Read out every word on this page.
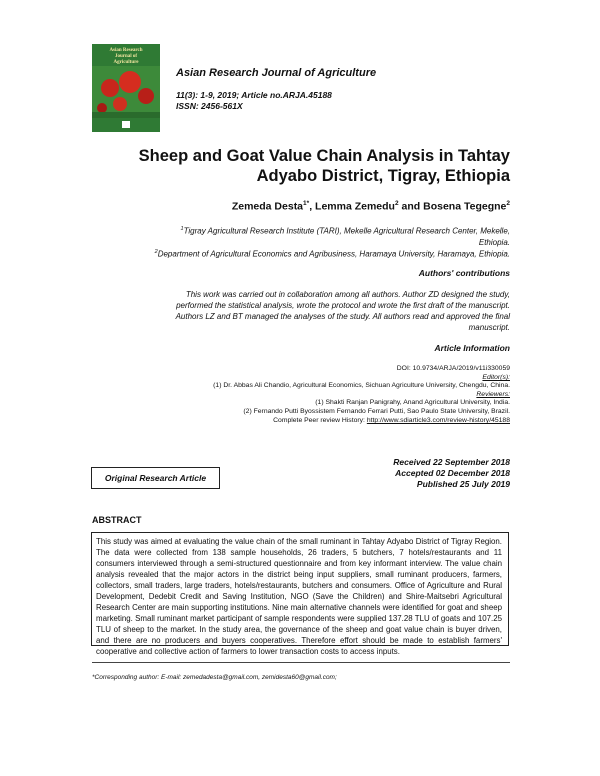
Asian Research
Journal of
Agriculture
Asian Research Journal of Agriculture
11(3): 1-9, 2019; Article no.ARJA.45188
ISSN: 2456-561X
Sheep and Goat Value Chain Analysis in Tahtay
Adyabo District, Tigray, Ethiopia
Zemeda Desta$^{1*}$, Lemma Zemedu$^2$ and Bosena Tegegne$^2$
$^1$Tigray Agricultural Research Institute (TARI), Mekelle Agricultural Research Center, Mekelle,
Ethiopia.
$^2$Department of Agricultural Economics and Agribusiness, Haramaya University, Haramaya, Ethiopia.
Authors' contributions
This work was carried out in collaboration among all authors. Author ZD designed the study,
performed the statistical analysis, wrote the protocol and wrote the first draft of the manuscript.
Authors LZ and BT managed the analyses of the study. All authors read and approved the final
manuscript.
Article Information
DOI: 10.9734/ARJA/2019/v11i330059
Editor(s):
(1) Dr. Abbas Ali Chandio, Agricultural Economics, Sichuan Agriculture University, Chengdu, China.
Reviewers:
(1) Shakti Ranjan Panigrahy, Anand Agricultural University, India.
(2) Fernando Putti Byossistem Fernando Ferrari Putti, Sao Paulo State University, Brazil.
Complete Peer review History: http://www.sdiarticle3.com/review-history/45188
Received 22 September 2018
Accepted 02 December 2018
Published 25 July 2019
Original Research Article
ABSTRACT
This study was aimed at evaluating the value chain of the small ruminant in Tahtay Adyabo District of Tigray Region. The data were collected from 138 sample households, 26 traders, 5 butchers, 7 hotels/restaurants and 11 consumers interviewed through a semi-structured questionnaire and from key informant interview. The value chain analysis revealed that the major actors in the district being input suppliers, small ruminant producers, farmers, collectors, small traders, large traders, hotels/restaurants, butchers and consumers. Office of Agriculture and Rural Development, Dedebit Credit and Saving Institution, NGO (Save the Children) and Shire-Maitsebri Agricultural Research Center are main supporting institutions. Nine main alternative channels were identified for goat and sheep marketing. Small ruminant market participant of sample respondents were supplied 137.28 TLU of goats and 107.25 TLU of sheep to the market. In the study area, the governance of the sheep and goat value chain is buyer driven, and there are no producers and buyers cooperatives. Therefore effort should be made to establish farmers' cooperative and collective action of farmers to lower transaction costs to access inputs.
*Corresponding author: E-mail: zemedadesta@gmail.com, zemidesta60@gmail.com;
